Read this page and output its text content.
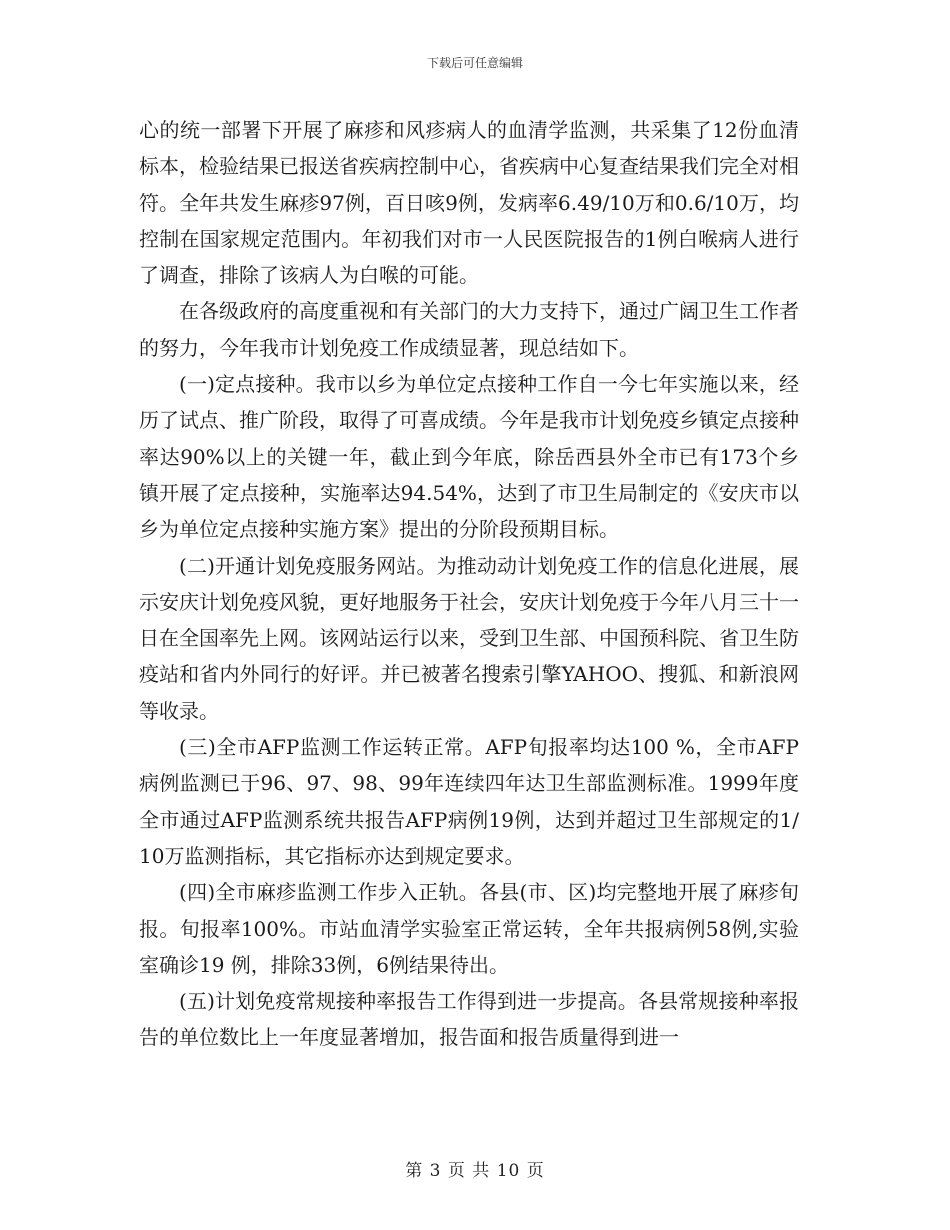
下载后可任意编辑

心的统一部署下开展了麻疹和风疹病人的血清学监测，共采集了12份血清标本，检验结果已报送省疾病控制中心，省疾病中心复查结果我们完全对相符。全年共发生麻疹97例，百日咳9例，发病率6.49/10万和0.6/10万，均控制在国家规定范围内。年初我们对市一人民医院报告的1例白喉病人进行了调查，排除了该病人为白喉的可能。

在各级政府的高度重视和有关部门的大力支持下，通过广阔卫生工作者的努力，今年我市计划免疫工作成绩显著，现总结如下。

(一)定点接种。我市以乡为单位定点接种工作自一今七年实施以来，经历了试点、推广阶段，取得了可喜成绩。今年是我市计划免疫乡镇定点接种率达90%以上的关键一年，截止到今年底，除岳西县外全市已有173个乡镇开展了定点接种，实施率达94.54%，达到了市卫生局制定的《安庆市以乡为单位定点接种实施方案》提出的分阶段预期目标。

(二)开通计划免疫服务网站。为推动动计划免疫工作的信息化进展，展示安庆计划免疫风貌，更好地服务于社会，安庆计划免疫于今年八月三十一日在全国率先上网。该网站运行以来，受到卫生部、中国预科院、省卫生防疫站和省内外同行的好评。并已被著名搜索引擎YAHOO、搜狐、和新浪网等收录。

(三)全市AFP监测工作运转正常。AFP旬报率均达100 %，全市AFP病例监测已于96、97、98、99年连续四年达卫生部监测标准。1999年度全市通过AFP监测系统共报告AFP病例19例，达到并超过卫生部规定的1/10万监测指标，其它指标亦达到规定要求。

(四)全市麻疹监测工作步入正轨。各县(市、区)均完整地开展了麻疹旬报。旬报率100%。市站血清学实验室正常运转，全年共报病例58例,实验室确诊19 例，排除33例，6例结果待出。

(五)计划免疫常规接种率报告工作得到进一步提高。各县常规接种率报告的单位数比上一年度显著增加，报告面和报告质量得到进一

第 3 页 共 10 页
